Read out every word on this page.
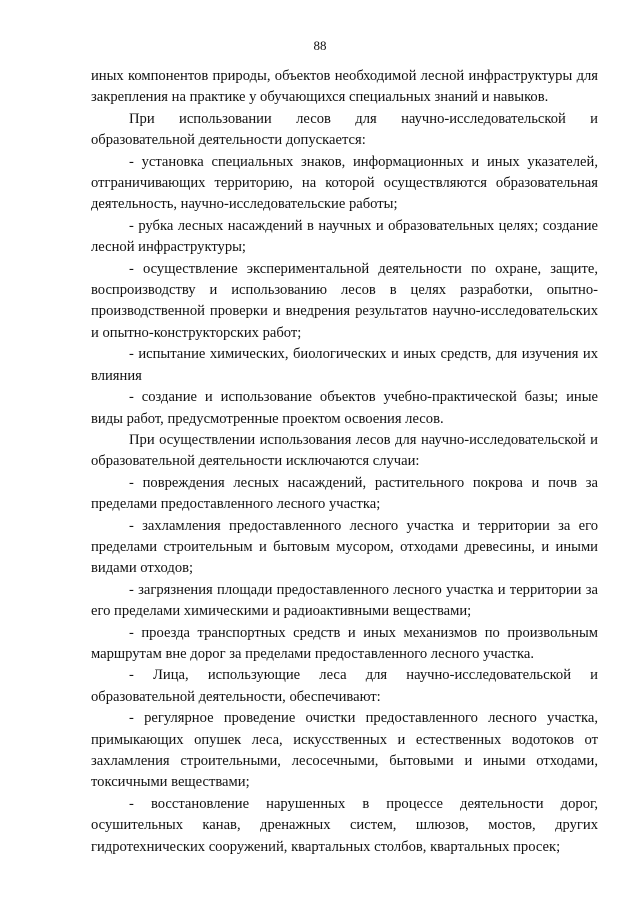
88

иных компонентов природы, объектов необходимой лесной инфраструктуры для закрепления на практике у обучающихся специальных знаний и навыков.

При использовании лесов для научно-исследовательской и образовательной деятельности допускается:

- установка специальных знаков, информационных и иных указателей, отграничивающих территорию, на которой осуществляются образовательная деятельность, научно-исследовательские работы;

- рубка лесных насаждений в научных и образовательных целях; создание лесной инфраструктуры;

- осуществление экспериментальной деятельности по охране, защите, воспроизводству и использованию лесов в целях разработки, опытно-производственной проверки и внедрения результатов научно-исследовательских и опытно-конструкторских работ;

- испытание химических, биологических и иных средств, для изучения их влияния

- создание и использование объектов учебно-практической базы; иные виды работ, предусмотренные проектом освоения лесов.

При осуществлении использования лесов для научно-исследовательской и образовательной деятельности исключаются случаи:

- повреждения лесных насаждений, растительного покрова и почв за пределами предоставленного лесного участка;

- захламления предоставленного лесного участка и территории за его пределами строительным и бытовым мусором, отходами древесины, и иными видами отходов;

- загрязнения площади предоставленного лесного участка и территории за его пределами химическими и радиоактивными веществами;

- проезда транспортных средств и иных механизмов по произвольным маршрутам вне дорог за пределами предоставленного лесного участка.

- Лица, использующие леса для научно-исследовательской и образовательной деятельности, обеспечивают:

- регулярное проведение очистки предоставленного лесного участка, примыкающих опушек леса, искусственных и естественных водотоков от захламления строительными, лесосечными, бытовыми и иными отходами, токсичными веществами;

- восстановление нарушенных в процессе деятельности дорог, осушительных канав, дренажных систем, шлюзов, мостов, других гидротехнических сооружений, квартальных столбов, квартальных просек;
